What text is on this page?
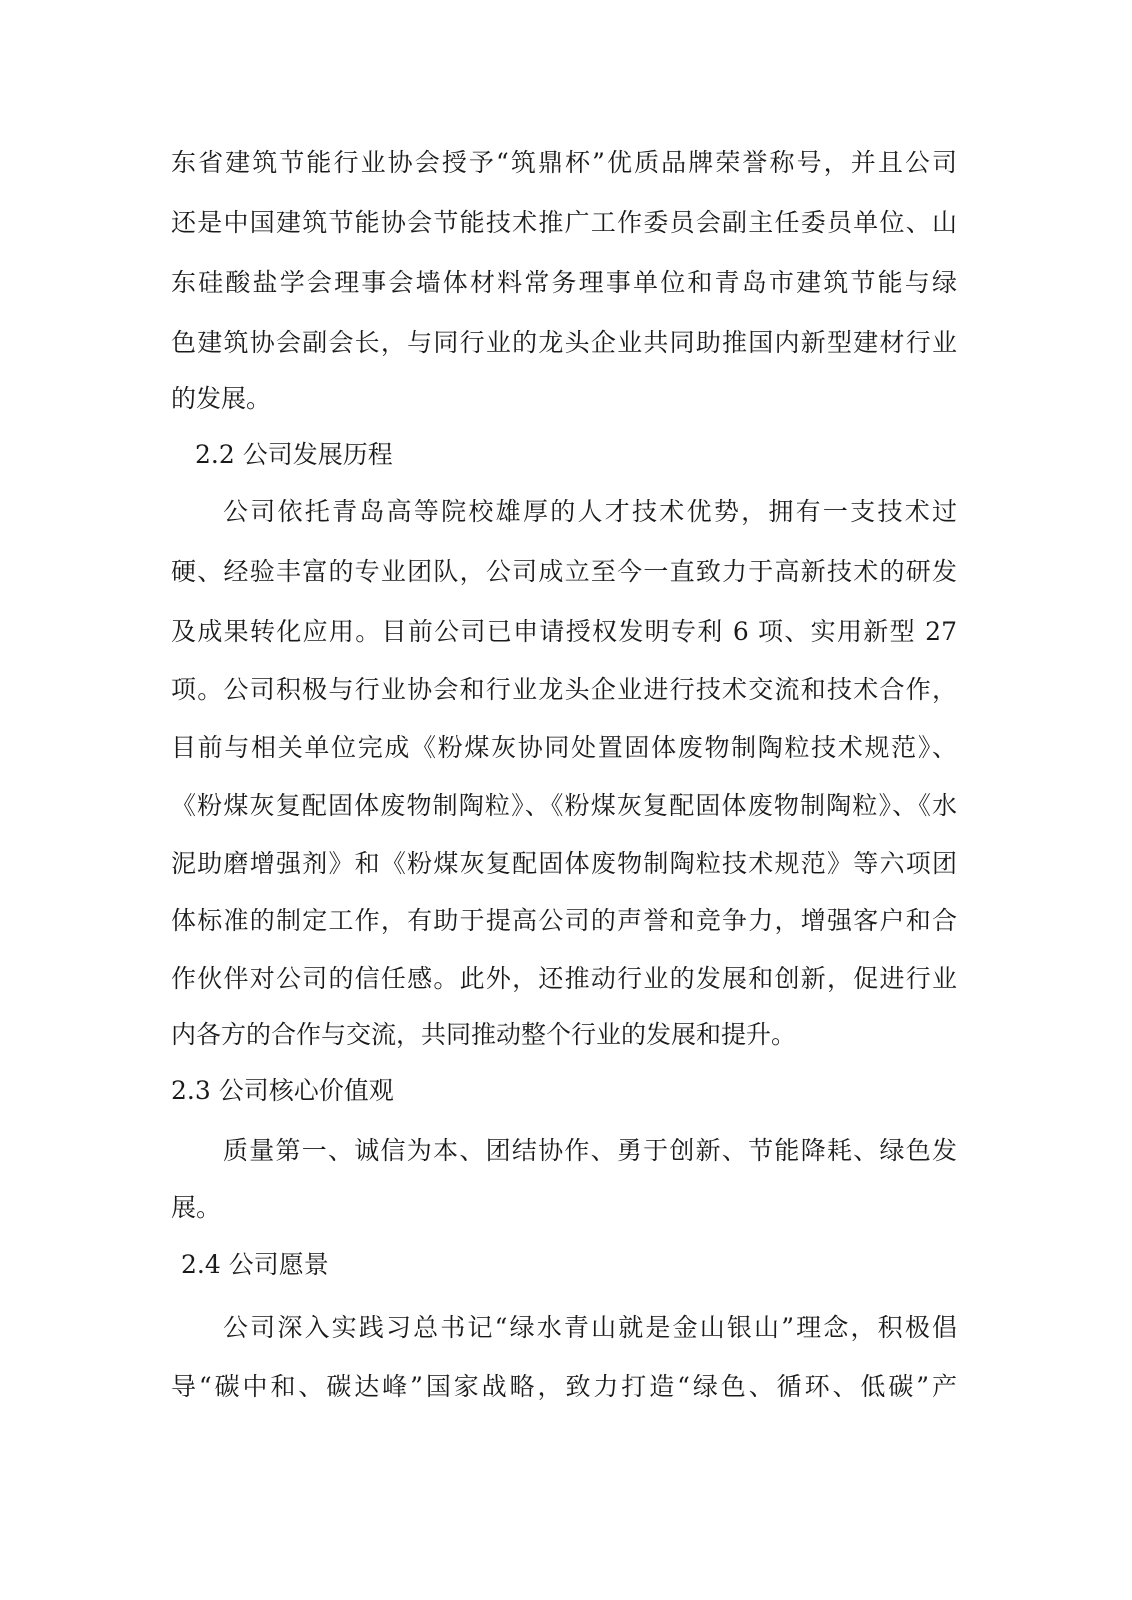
东省建筑节能行业协会授予“筑鼎杯”优质品牌荣誉称号，并且公司
还是中国建筑节能协会节能技术推广工作委员会副主任委员单位、山
东硅酸盐学会理事会墙体材料常务理事单位和青岛市建筑节能与绿
色建筑协会副会长，与同行业的龙头企业共同助推国内新型建材行业
的发展。
2.2 公司发展历程
公司依托青岛高等院校雄厚的人才技术优势，拥有一支技术过
硬、经验丰富的专业团队，公司成立至今一直致力于高新技术的研发
及成果转化应用。目前公司已申请授权发明专利 6 项、实用新型 27
项。公司积极与行业协会和行业龙头企业进行技术交流和技术合作，
目前与相关单位完成《粉煤灰协同处置固体废物制陶粒技术规范》、
《粉煤灰复配固体废物制陶粒》、《粉煤灰复配固体废物制陶粒》、《水
泥助磨增强剂》和《粉煤灰复配固体废物制陶粒技术规范》等六项团
体标准的制定工作，有助于提高公司的声誉和竞争力，增强客户和合
作伙伴对公司的信任感。此外，还推动行业的发展和创新，促进行业
内各方的合作与交流，共同推动整个行业的发展和提升。
2.3 公司核心价值观
质量第一、诚信为本、团结协作、勇于创新、节能降耗、绿色发
展。
2.4 公司愿景
公司深入实践习总书记“绿水青山就是金山银山”理念，积极倡
导“碳中和、碳达峰”国家战略，致力打造“绿色、循环、低碳”产
